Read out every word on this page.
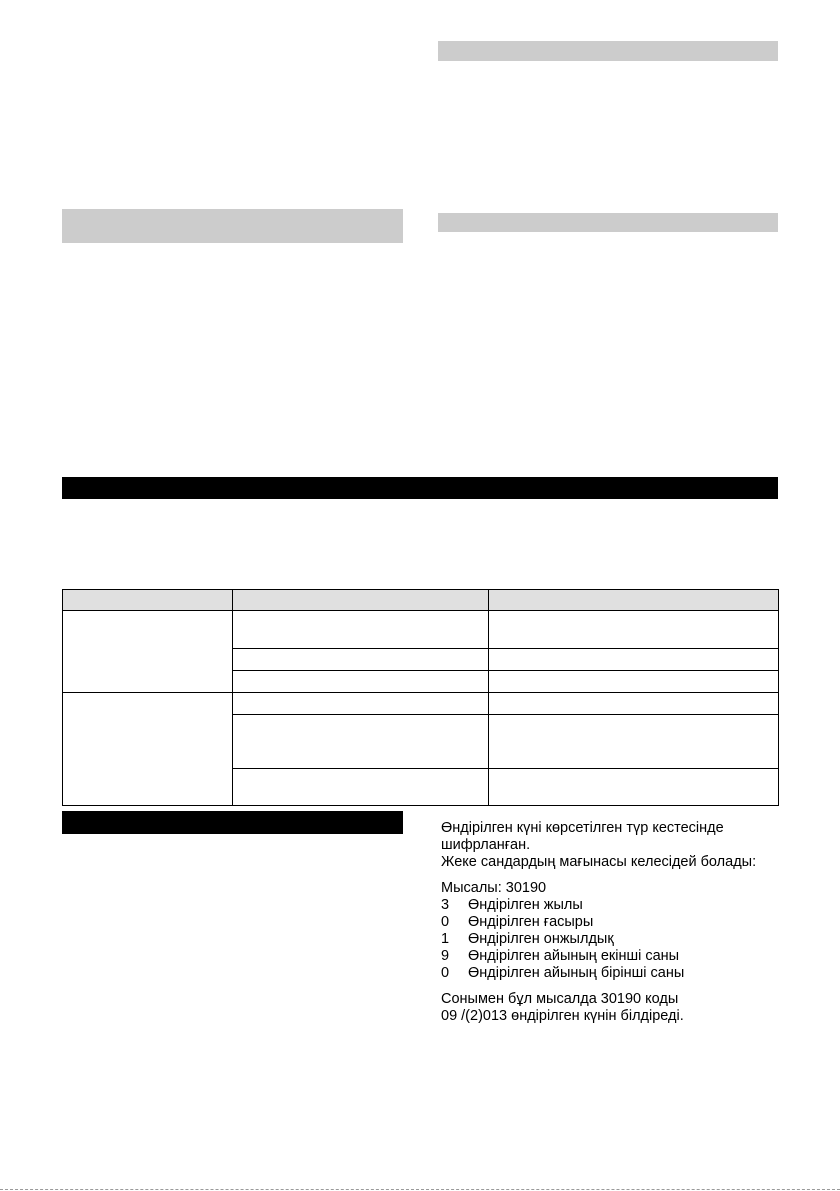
Өндірілген күні көрсетілген түр кестесінде

шифрланған.

Жеке сандардың мағынасы келесідей болады:

Мысалы: 30190

3	Өндірілген жылы
0	Өндірілген ғасыры
1	Өндірілген онжылдық
9	Өндірілген айының екінші саны
0	Өндірілген айының бірінші саны

Сонымен бұл мысалда 30190 коды

09 /(2)013 өндірілген күнін білдіреді.
